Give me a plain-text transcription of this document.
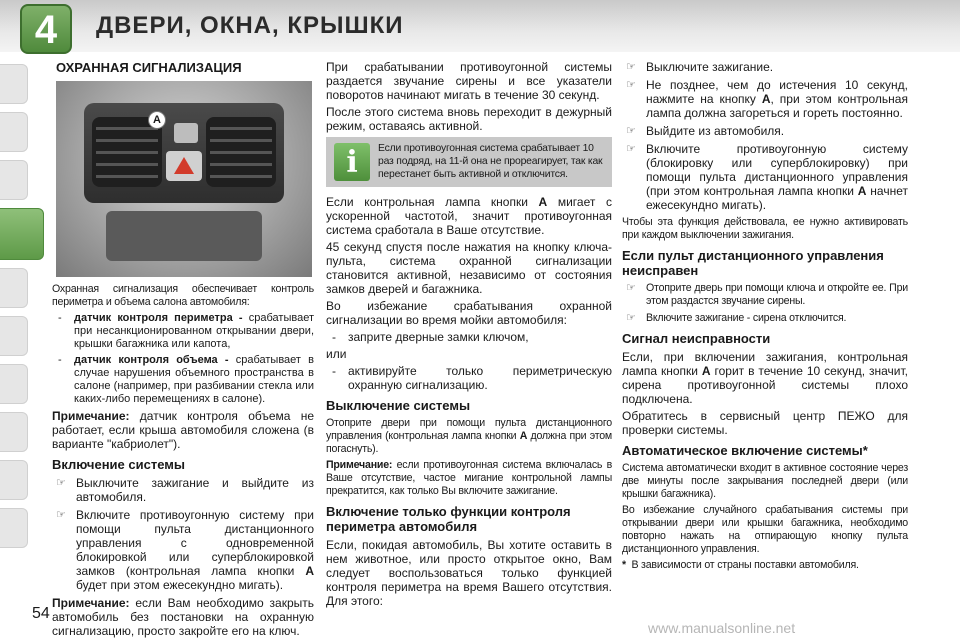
4	ДВЕРИ, ОКНА, КРЫШКИ
ОХРАННАЯ СИГНАЛИЗАЦИЯ
A
Охранная сигнализация обеспечивает контроль периметра и объема салона автомобиля:
- датчик контроля периметра - срабатывает при несанкционированном открывании двери, крышки багажника или капота,
- датчик контроля объема - срабатывает в случае нарушения объемного пространства в салоне (например, при разбивании стекла или каких-либо перемещениях в салоне).
Примечание: датчик контроля объема не работает, если крыша автомобиля сложена (в варианте "кабриолет").
Включение системы
☞ Выключите зажигание и выйдите из автомобиля.
☞ Включите противоугонную систему при помощи пульта дистанционного управления с одновременной блокировкой или суперблокировкой замков (контрольная лампа кнопки A будет при этом ежесекундно мигать).
Примечание: если Вам необходимо закрыть автомобиль без постановки на охранную сигнализацию, просто закройте его на ключ.
При срабатывании противоугонной системы раздается звучание сирены и все указатели поворотов начинают мигать в течение 30 секунд.
После этого система вновь переходит в дежурный режим, оставаясь активной.
i	Если противоугонная система срабатывает 10 раз подряд, на 11-й она не прореагирует, так как перестанет быть активной и отключится.
Если контрольная лампа кнопки A мигает с ускоренной частотой, значит противоугонная система сработала в Ваше отсутствие.
45 секунд спустя после нажатия на кнопку ключа-пульта, система охранной сигнализации становится активной, независимо от состояния замков дверей и багажника.
Во избежание срабатывания охранной сигнализации во время мойки автомобиля:
- заприте дверные замки ключом,
или
- активируйте только периметрическую охранную сигнализацию.
Выключение системы
Отоприте двери при помощи пульта дистанционного управления (контрольная лампа кнопки A должна при этом погаснуть).
Примечание: если противоугонная система включалась в Ваше отсутствие, частое мигание контрольной лампы прекратится, как только Вы включите зажигание.
Включение только функции контроля периметра автомобиля
Если, покидая автомобиль, Вы хотите оставить в нем животное, или просто открытое окно, Вам следует воспользоваться только функцией контроля периметра на время Вашего отсутствия. Для этого:
☞ Выключите зажигание.
☞ Не позднее, чем до истечения 10 секунд, нажмите на кнопку A, при этом контрольная лампа должна загореться и гореть постоянно.
☞ Выйдите из автомобиля.
☞ Включите противоугонную систему (блокировку или суперблокировку) при помощи пульта дистанционного управления (при этом контрольная лампа кнопки A начнет ежесекундно мигать).
Чтобы эта функция действовала, ее нужно активировать при каждом выключении зажигания.
Если пульт дистанционного управления неисправен
☞ Отоприте дверь при помощи ключа и откройте ее. При этом раздастся звучание сирены.
☞ Включите зажигание - сирена отключится.
Сигнал неисправности
Если, при включении зажигания, контрольная лампа кнопки A горит в течение 10 секунд, значит, сирена противоугонной системы плохо подключена.
Обратитесь в сервисный центр ПЕЖО для проверки системы.
Автоматическое включение системы*
Система автоматически входит в активное состояние через две минуты после закрывания последней двери (или крышки багажника).
Во избежание случайного срабатывания системы при открывании двери или крышки багажника, необходимо повторно нажать на отпирающую кнопку пульта дистанционного управления.
* В зависимости от страны поставки автомобиля.
54
www.manualsonline.net
